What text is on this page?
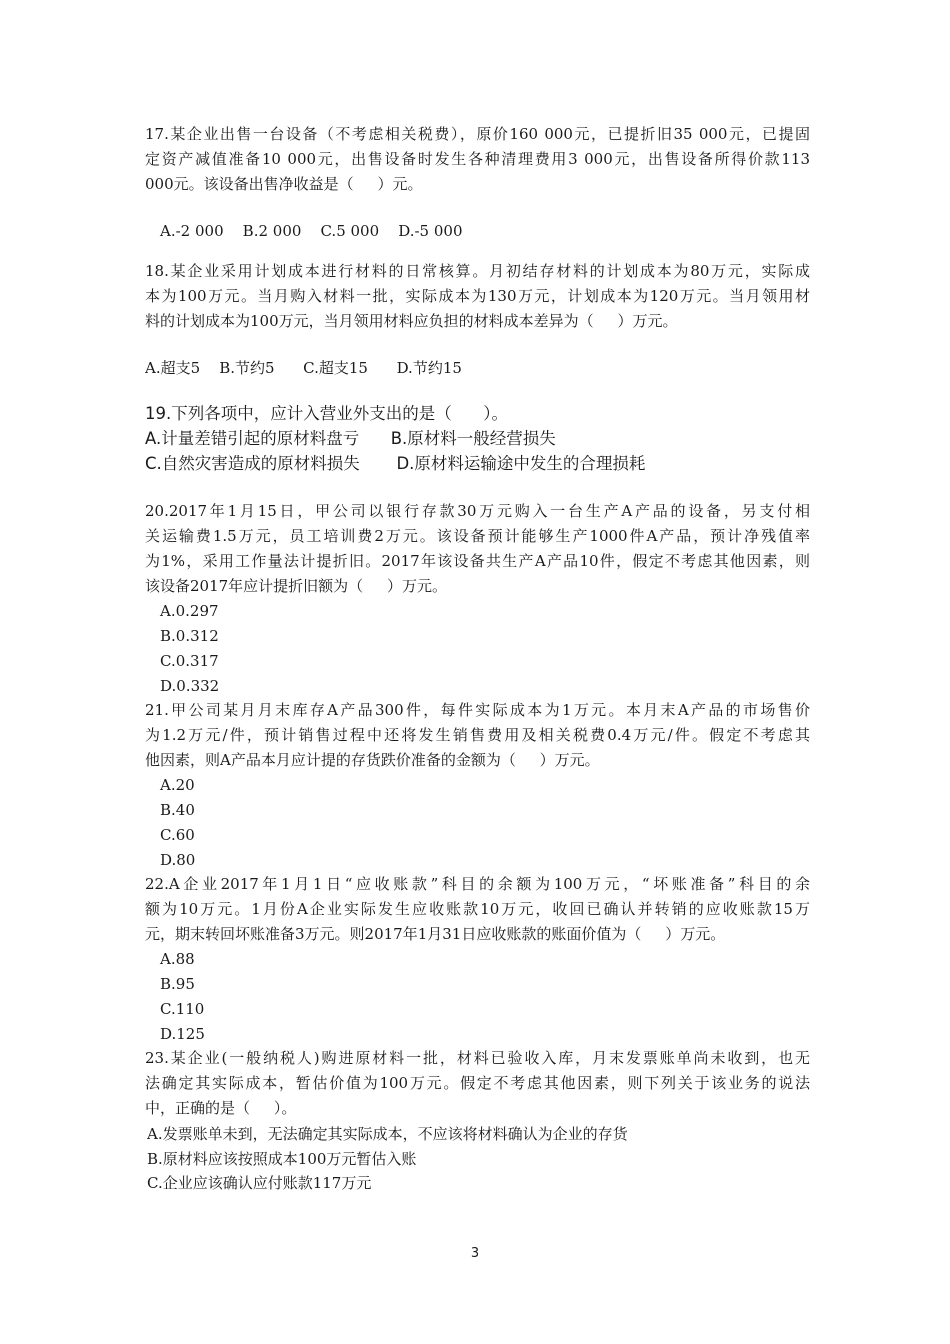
17.某企业出售一台设备（不考虑相关税费），原价160 000元，已提折旧35 000元，已提固
定资产减值准备10 000元，出售设备时发生各种清理费用3 000元，出售设备所得价款113
000元。该设备出售净收益是（     ）元。
A.-2 000    B.2 000    C.5 000    D.-5 000
18.某企业采用计划成本进行材料的日常核算。月初结存材料的计划成本为80万元，实际成
本为100万元。当月购入材料一批，实际成本为130万元，计划成本为120万元。当月领用材
料的计划成本为100万元，当月领用材料应负担的材料成本差异为（     ）万元。
A.超支5    B.节约5      C.超支15      D.节约15
19.下列各项中，应计入营业外支出的是（      ）。
A.计量差错引起的原材料盘亏      B.原材料一般经营损失
C.自然灾害造成的原材料损失       D.原材料运输途中发生的合理损耗
20.2017年1月15日，甲公司以银行存款30万元购入一台生产A产品的设备，另支付相
关运输费1.5万元，员工培训费2万元。该设备预计能够生产1000件A产品，预计净残值率
为1%，采用工作量法计提折旧。2017年该设备共生产A产品10件，假定不考虑其他因素，则
该设备2017年应计提折旧额为（     ）万元。
A.0.297
B.0.312
C.0.317
D.0.332
21.甲公司某月月末库存A产品300件，每件实际成本为1万元。本月末A产品的市场售价
为1.2万元/件，预计销售过程中还将发生销售费用及相关税费0.4万元/件。假定不考虑其
他因素，则A产品本月应计提的存货跌价准备的金额为（     ）万元。
A.20
B.40
C.60
D.80
22.A企业2017年1月1日“应收账款”科目的余额为100万元，“坏账准备”科目的余
额为10万元。1月份A企业实际发生应收账款10万元，收回已确认并转销的应收账款15万
元，期末转回坏账准备3万元。则2017年1月31日应收账款的账面价值为（     ）万元。
A.88
B.95
C.110
D.125
23.某企业(一般纳税人)购进原材料一批，材料已验收入库，月末发票账单尚未收到，也无
法确定其实际成本，暂估价值为100万元。假定不考虑其他因素，则下列关于该业务的说法
中，正确的是（     ）。
A.发票账单未到，无法确定其实际成本，不应该将材料确认为企业的存货
B.原材料应该按照成本100万元暂估入账
C.企业应该确认应付账款117万元
3
